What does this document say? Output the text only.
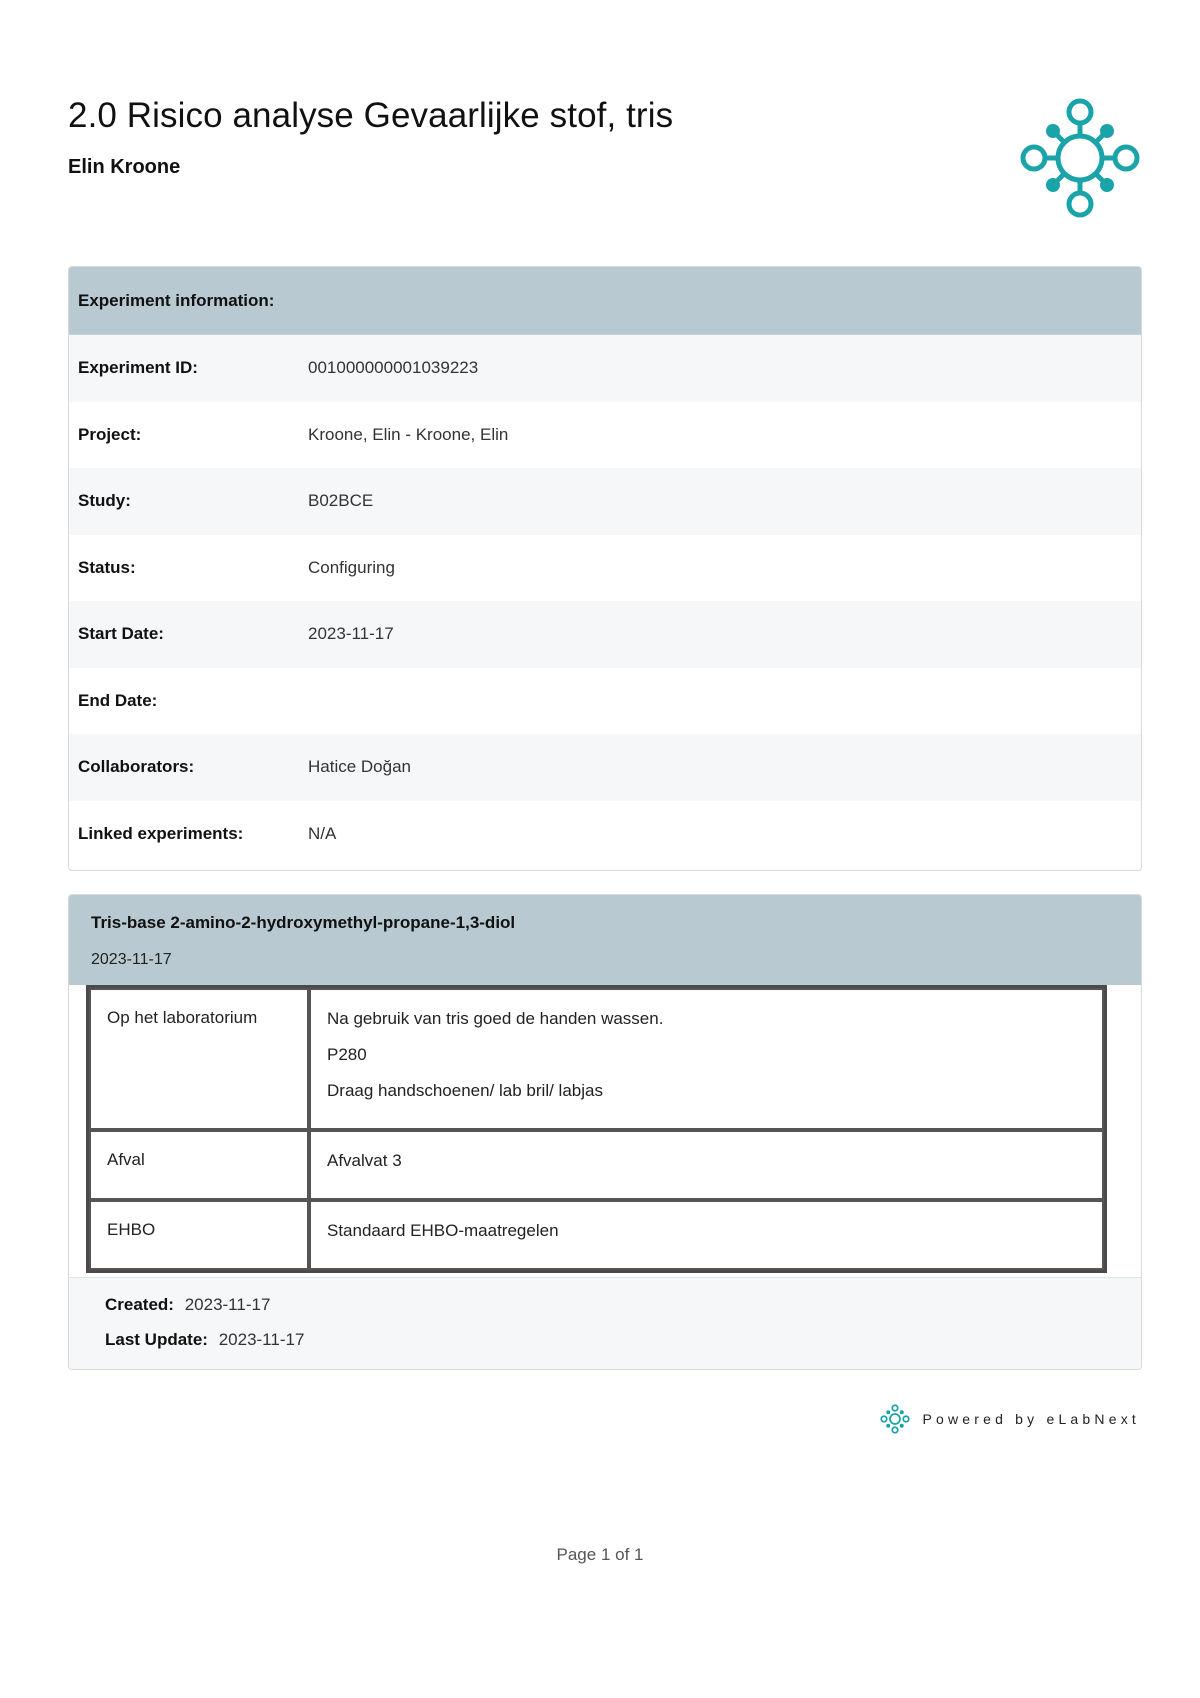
2.0 Risico analyse Gevaarlijke stof, tris
Elin Kroone
Experiment information:
Experiment ID:	001000000001039223
Project:	Kroone, Elin - Kroone, Elin
Study:	B02BCE
Status:	Configuring
Start Date:	2023-11-17
End Date:
Collaborators:	Hatice Doğan
Linked experiments:	N/A
Tris-base 2-amino-2-hydroxymethyl-propane-1,3-diol
2023-11-17
Op het laboratorium	Na gebruik van tris goed de handen wassen.
P280
Draag handschoenen/ lab bril/ labjas

Afval	Afvalvat 3

EHBO	Standaard EHBO-maatregelen
Created: 2023-11-17
Last Update: 2023-11-17
Powered by eLabNext
Page 1 of 1
